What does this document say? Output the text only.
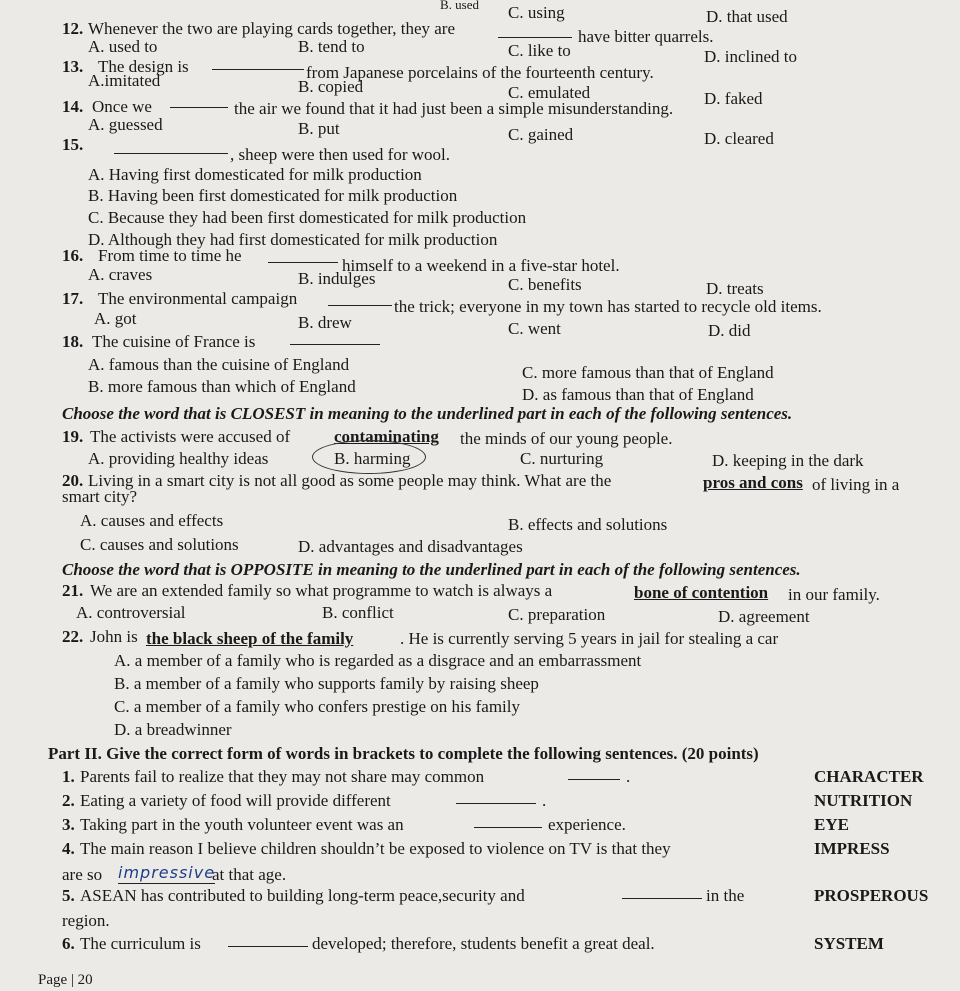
B. used C. using	D. that used
12. Whenever the two are playing cards together, they are	have bitter quarrels.
A. used to	B. tend to	C. like to	D. inclined to
13. The design is	from Japanese porcelains of the fourteenth century.
A.imitated	B. copied	C. emulated	D. faked
14. Once we	the air we found that it had just been a simple misunderstanding.
A. guessed	B. put	C. gained	D. cleared
15.
, sheep were then used for wool.
A. Having first domesticated for milk production
B. Having been first domesticated for milk production
C. Because they had been first domesticated for milk production
D. Although they had first domesticated for milk production
16. From time to time he
himself to a weekend in a five-star hotel.
A. craves	B. indulges	C. benefits	D. treats
17. The environmental campaign	the trick; everyone in my town has started to recycle old items.
A. got	B. drew	C. went	D. did
18. The cuisine of France is
A. famous than the cuisine of England	C. more famous than that of England
B. more famous than which of England	D. as famous than that of England
Choose the word that is CLOSEST in meaning to the underlined part in each of the following sentences.
19. The activists were accused of	contaminating the minds of our young people.
A. providing healthy ideas	B. harming	C. nurturing	D. keeping in the dark
20. Living in a smart city is not all good as some people may think. What are the	pros and cons of living in a
smart city?
A. causes and effects	B. effects and solutions
C. causes and solutions	D. advantages and disadvantages
Choose the word that is OPPOSITE in meaning to the underlined part in each of the following sentences.
21. We are an extended family so what programme to watch is always a	bone of contention in our family.
A. controversial	B. conflict	C. preparation	D. agreement
22. John is the black sheep of the family	. He is currently serving 5 years in jail for stealing a car
A. a member of a family who is regarded as a disgrace and an embarrassment
B. a member of a family who supports family by raising sheep
C. a member of a family who confers prestige on his family
D. a breadwinner
Part II. Give the correct form of words in brackets to complete the following sentences. (20 points)
1. Parents fail to realize that they may not share may common	.	CHARACTER
2. Eating a variety of food will provide different	.	NUTRITION
3. Taking part in the youth volunteer event was an	experience.	EYE
4. The main reason I believe children shouldn’t be exposed to violence on TV is that they	IMPRESS
are so impressive
at that age.
5. ASEAN has contributed to building long-term peace,security and	in the	PROSPEROUS
region.
6. The curriculum is	developed; therefore, students benefit a great deal.	SYSTEM
Page | 20
